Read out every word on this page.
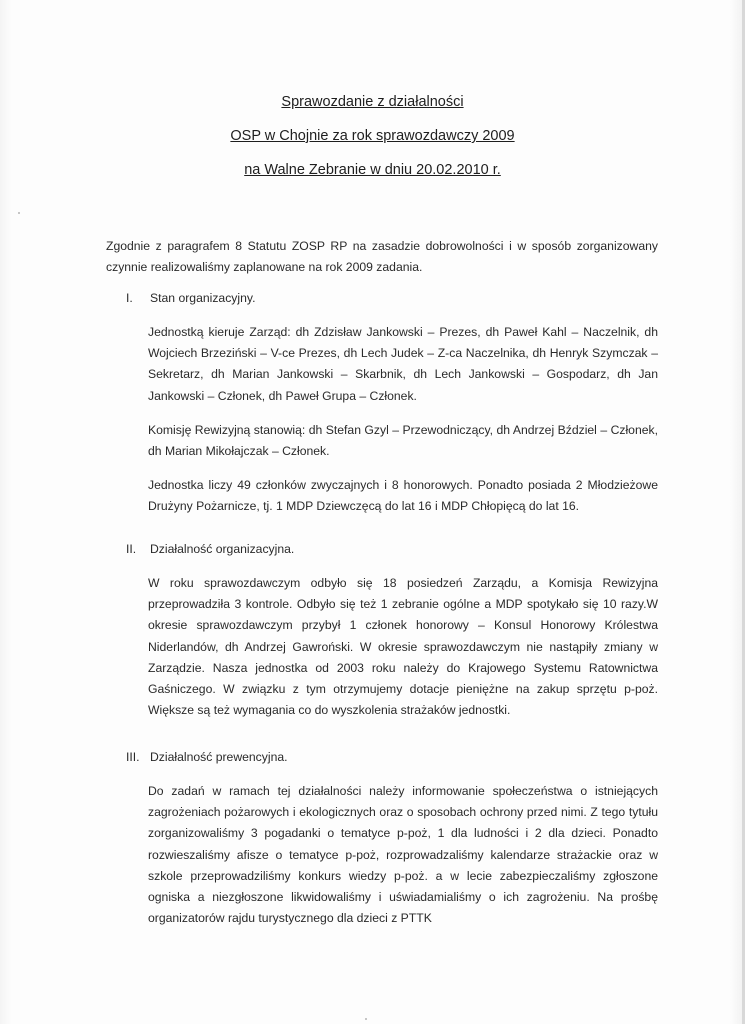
Sprawozdanie z działalności
OSP w Chojnie za rok sprawozdawczy 2009
na Walne Zebranie w dniu 20.02.2010 r.

Zgodnie z paragrafem 8 Statutu ZOSP RP na zasadzie dobrowolności i w sposób zorganizowany czynnie realizowaliśmy zaplanowane na rok 2009 zadania.

I.	Stan organizacyjny.

Jednostką kieruje Zarząd: dh Zdzisław Jankowski – Prezes, dh Paweł Kahl – Naczelnik, dh Wojciech Brzeziński – V-ce Prezes, dh Lech Judek – Z-ca Naczelnika, dh Henryk Szymczak – Sekretarz, dh Marian Jankowski – Skarbnik, dh Lech Jankowski – Gospodarz, dh Jan Jankowski – Członek, dh Paweł Grupa – Członek.

Komisję Rewizyjną stanowią: dh Stefan Gzyl – Przewodniczący, dh Andrzej Bździel – Członek, dh Marian Mikołajczak – Członek.

Jednostka liczy 49 członków zwyczajnych i 8 honorowych. Ponadto posiada 2 Młodzieżowe Drużyny Pożarnicze, tj. 1 MDP Dziewczęcą do lat 16 i MDP Chłopięcą do lat 16.

II.	Działalność organizacyjna.

W roku sprawozdawczym odbyło się 18 posiedzeń Zarządu, a Komisja Rewizyjna przeprowadziła 3 kontrole. Odbyło się też 1 zebranie ogólne a MDP spotykało się 10 razy.W okresie sprawozdawczym przybył 1 członek honorowy – Konsul Honorowy Królestwa Niderlandów, dh Andrzej Gawroński. W okresie sprawozdawczym nie nastąpiły zmiany w Zarządzie. Nasza jednostka od 2003 roku należy do Krajowego Systemu Ratownictwa Gaśniczego. W związku z tym otrzymujemy dotacje pieniężne na zakup sprzętu p-poż. Większe są też wymagania co do wyszkolenia strażaków jednostki.

III. Działalność prewencyjna.

Do zadań w ramach tej działalności należy informowanie społeczeństwa o istniejących zagrożeniach pożarowych i ekologicznych oraz o sposobach ochrony przed nimi. Z tego tytułu zorganizowaliśmy 3 pogadanki o tematyce p-poż, 1 dla ludności i 2 dla dzieci. Ponadto rozwieszaliśmy afisze o tematyce p-poż, rozprowadzaliśmy kalendarze strażackie oraz w szkole przeprowadziliśmy konkurs wiedzy p-poż. a w lecie zabezpieczaliśmy zgłoszone ogniska a niezgłoszone likwidowaliśmy i uświadamialiśmy o ich zagrożeniu. Na prośbę organizatorów rajdu turystycznego dla dzieci z PTTK
